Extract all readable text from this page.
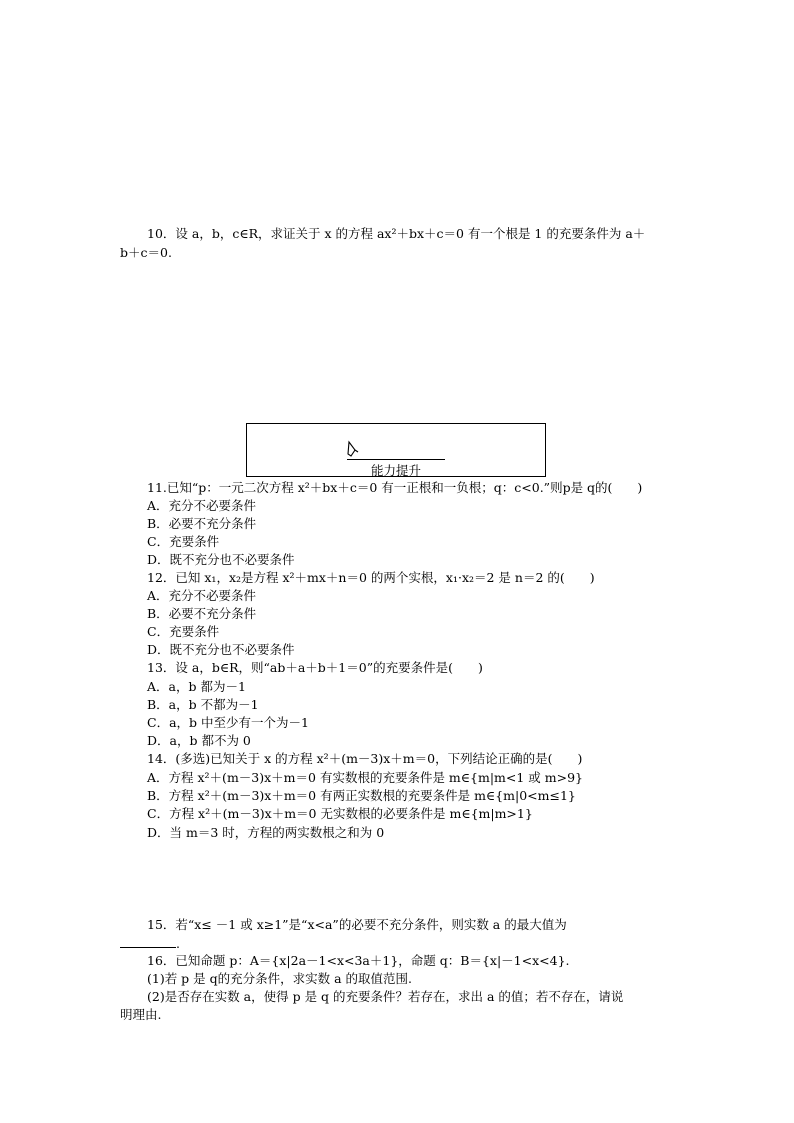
10．设 a，b，c∈R，求证关于 x 的方程 ax²＋bx＋c＝0 有一个根是 1 的充要条件为 a＋
b＋c＝0.
能力提升
11.已知“p：一元二次方程 x²＋bx＋c＝0 有一正根和一负根；q：c<0.”则p是 q的(　　)
A．充分不必要条件
B．必要不充分条件
C．充要条件
D．既不充分也不必要条件
12．已知 x₁，x₂是方程 x²＋mx＋n＝0 的两个实根，x₁·x₂＝2 是 n＝2 的(　　)
A．充分不必要条件
B．必要不充分条件
C．充要条件
D．既不充分也不必要条件
13．设 a，b∈R，则“ab＋a＋b＋1＝0”的充要条件是(　　)
A．a，b 都为－1
B．a，b 不都为－1
C．a，b 中至少有一个为－1
D．a，b 都不为 0
14．(多选)已知关于 x 的方程 x²＋(m－3)x＋m＝0，下列结论正确的是(　　)
A．方程 x²＋(m－3)x＋m＝0 有实数根的充要条件是 m∈{m|m<1 或 m>9}
B．方程 x²＋(m－3)x＋m＝0 有两正实数根的充要条件是 m∈{m|0<m≤1}
C．方程 x²＋(m－3)x＋m＝0 无实数根的必要条件是 m∈{m|m>1}
D．当 m＝3 时，方程的两实数根之和为 0
15．若“x≤ －1 或 x≥1”是“x<a”的必要不充分条件，则实数 a 的最大值为
.
16．已知命题 p：A＝{x|2a－1<x<3a＋1}，命题 q：B＝{x|－1<x<4}.
(1)若 p 是 q的充分条件，求实数 a 的取值范围.
(2)是否存在实数 a，使得 p 是 q 的充要条件？若存在，求出 a 的值；若不存在，请说
明理由.
